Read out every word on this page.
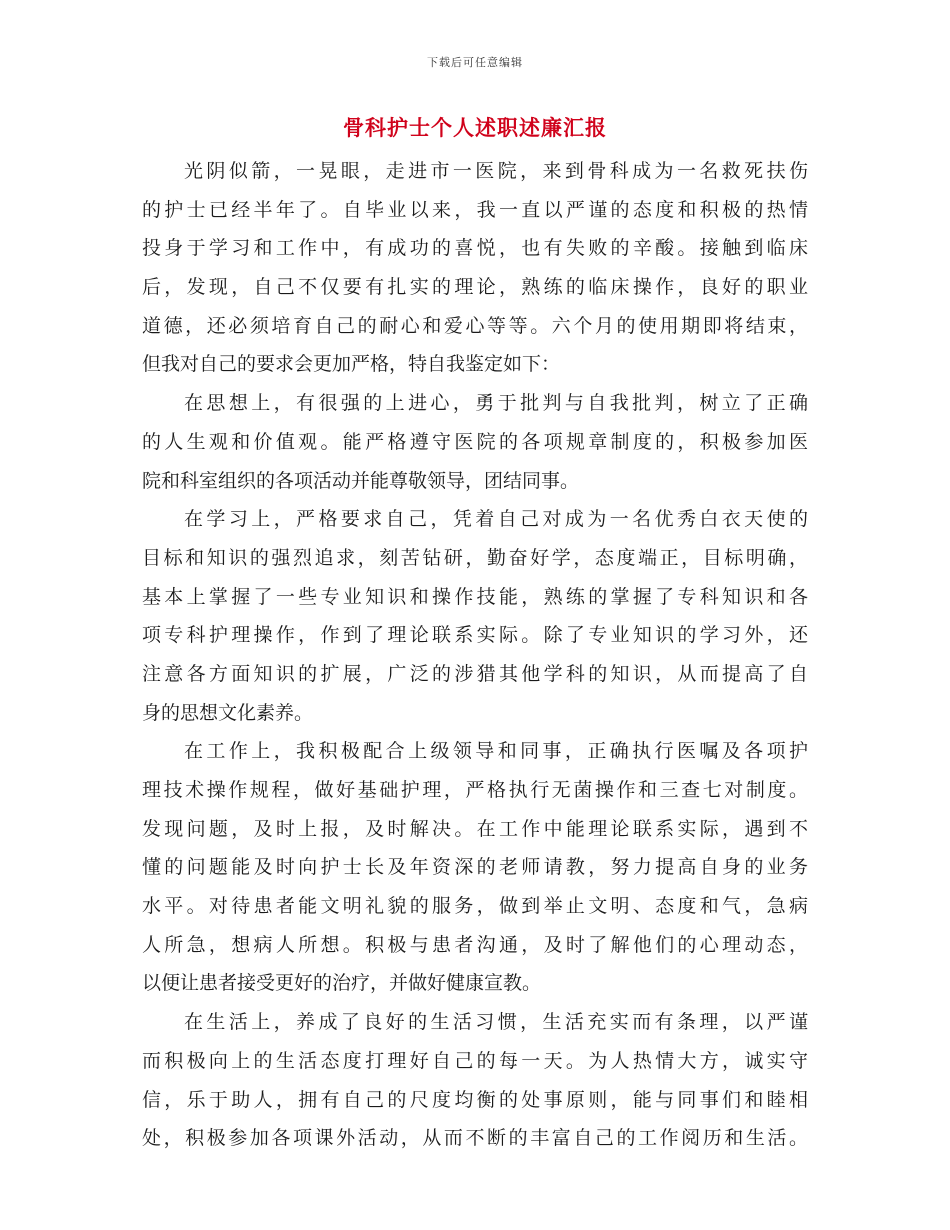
下载后可任意编辑
骨科护士个人述职述廉汇报
光阴似箭，一晃眼，走进市一医院，来到骨科成为一名救死扶伤
的护士已经半年了。自毕业以来，我一直以严谨的态度和积极的热情
投身于学习和工作中，有成功的喜悦，也有失败的辛酸。接触到临床
后，发现，自己不仅要有扎实的理论，熟练的临床操作，良好的职业
道德，还必须培育自己的耐心和爱心等等。六个月的使用期即将结束，
但我对自己的要求会更加严格，特自我鉴定如下：
在思想上，有很强的上进心，勇于批判与自我批判，树立了正确
的人生观和价值观。能严格遵守医院的各项规章制度的，积极参加医
院和科室组织的各项活动并能尊敬领导，团结同事。
在学习上，严格要求自己，凭着自己对成为一名优秀白衣天使的
目标和知识的强烈追求，刻苦钻研，勤奋好学，态度端正，目标明确，
基本上掌握了一些专业知识和操作技能，熟练的掌握了专科知识和各
项专科护理操作，作到了理论联系实际。除了专业知识的学习外，还
注意各方面知识的扩展，广泛的涉猎其他学科的知识，从而提高了自
身的思想文化素养。
在工作上，我积极配合上级领导和同事，正确执行医嘱及各项护
理技术操作规程，做好基础护理，严格执行无菌操作和三查七对制度。
发现问题，及时上报，及时解决。在工作中能理论联系实际，遇到不
懂的问题能及时向护士长及年资深的老师请教，努力提高自身的业务
水平。对待患者能文明礼貌的服务，做到举止文明、态度和气，急病
人所急，想病人所想。积极与患者沟通，及时了解他们的心理动态，
以便让患者接受更好的治疗，并做好健康宣教。
在生活上，养成了良好的生活习惯，生活充实而有条理，以严谨
而积极向上的生活态度打理好自己的每一天。为人热情大方，诚实守
信，乐于助人，拥有自己的尺度均衡的处事原则，能与同事们和睦相
处，积极参加各项课外活动，从而不断的丰富自己的工作阅历和生活。
